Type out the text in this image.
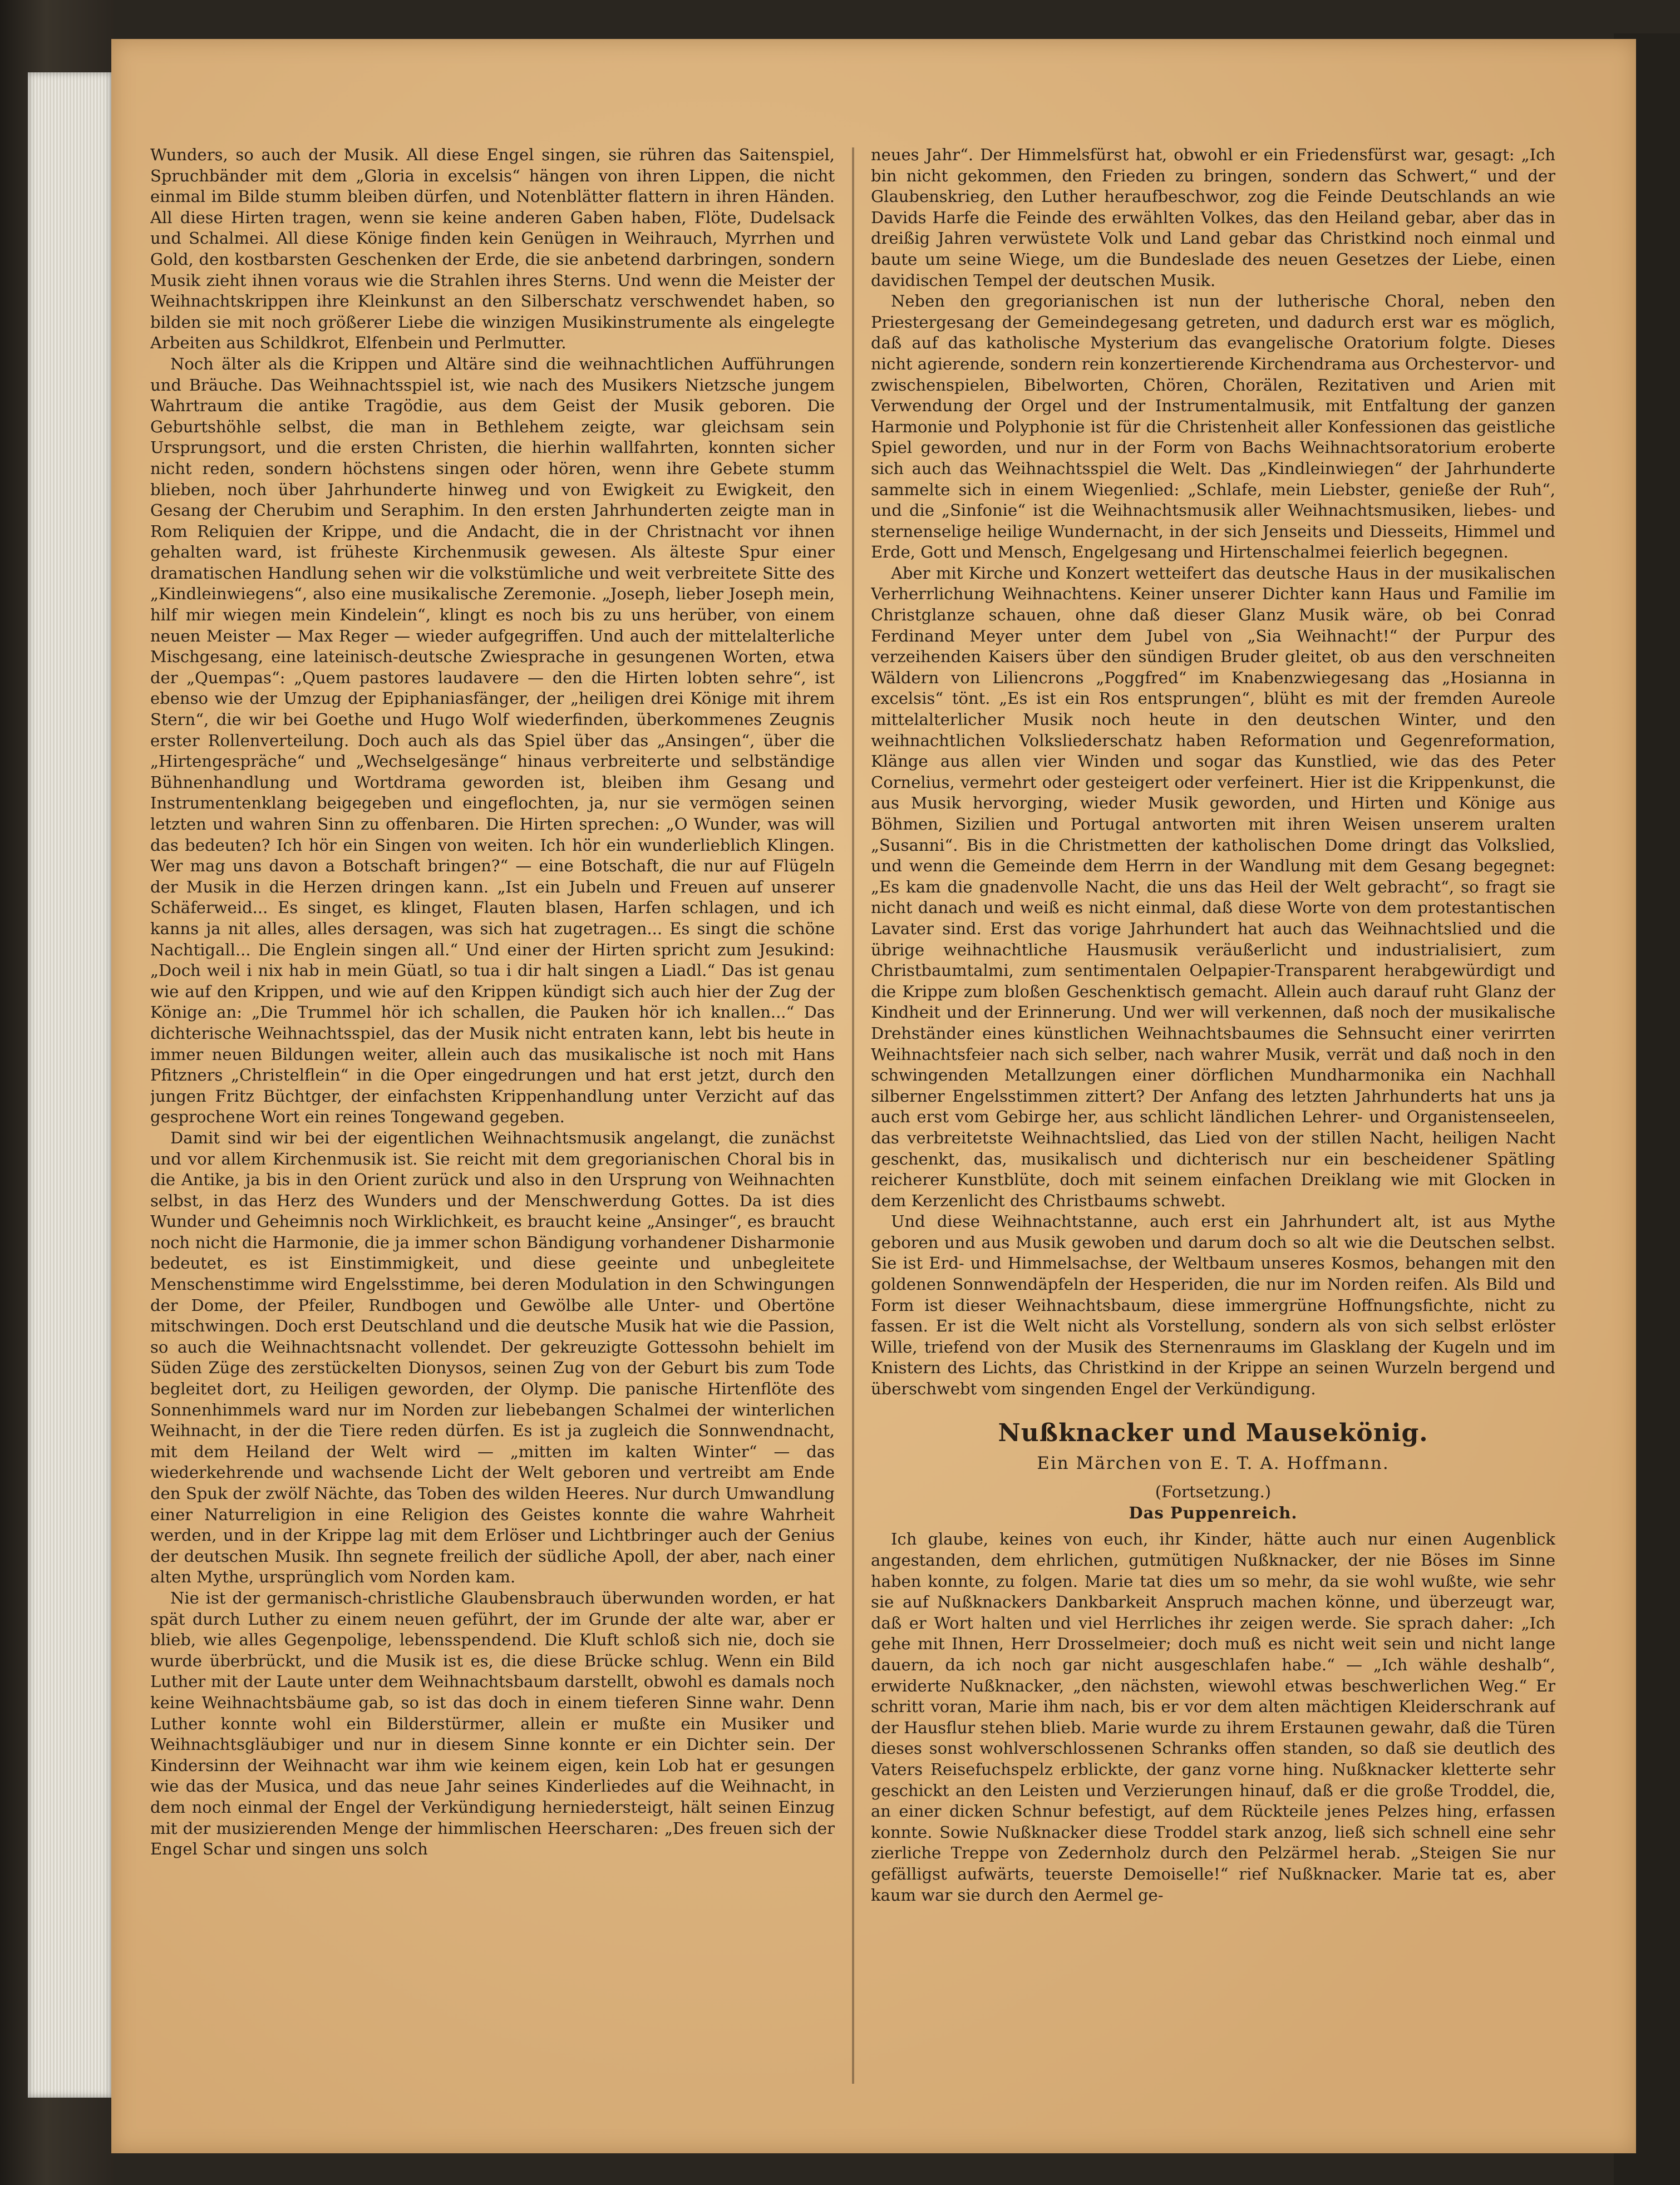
Wunders, so auch der Musik. All diese Engel singen, sie rühren das Saitenspiel, Spruchbänder mit dem „Gloria in excelsis“ hängen von ihren Lippen, die nicht einmal im Bilde stumm bleiben dürfen, und Notenblätter flattern in ihren Händen. All diese Hirten tragen, wenn sie keine anderen Gaben haben, Flöte, Dudelsack und Schalmei. All diese Könige finden kein Genügen in Weihrauch, Myrrhen und Gold, den kostbarsten Geschenken der Erde, die sie anbetend darbringen, sondern Musik zieht ihnen voraus wie die Strahlen ihres Sterns. Und wenn die Meister der Weihnachtskrippen ihre Kleinkunst an den Silberschatz verschwendet haben, so bilden sie mit noch größerer Liebe die winzigen Musikinstrumente als eingelegte Arbeiten aus Schildkrot, Elfenbein und Perlmutter.

Noch älter als die Krippen und Altäre sind die weihnachtlichen Aufführungen und Bräuche. Das Weihnachtsspiel ist, wie nach des Musikers Nietzsche jungem Wahrtraum die antike Tragödie, aus dem Geist der Musik geboren. Die Geburtshöhle selbst, die man in Bethlehem zeigte, war gleichsam sein Ursprungsort, und die ersten Christen, die hierhin wallfahrten, konnten sicher nicht reden, sondern höchstens singen oder hören, wenn ihre Gebete stumm blieben, noch über Jahrhunderte hinweg und von Ewigkeit zu Ewigkeit, den Gesang der Cherubim und Seraphim. In den ersten Jahrhunderten zeigte man in Rom Reliquien der Krippe, und die Andacht, die in der Christnacht vor ihnen gehalten ward, ist früheste Kirchenmusik gewesen. Als älteste Spur einer dramatischen Handlung sehen wir die volkstümliche und weit verbreitete Sitte des „Kindleinwiegens“, also eine musikalische Zeremonie. „Joseph, lieber Joseph mein, hilf mir wiegen mein Kindelein“, klingt es noch bis zu uns herüber, von einem neuen Meister — Max Reger — wieder aufgegriffen. Und auch der mittelalterliche Mischgesang, eine lateinisch-deutsche Zwiesprache in gesungenen Worten, etwa der „Quempas“: „Quem pastores laudavere — den die Hirten lobten sehre“, ist ebenso wie der Umzug der Epiphaniasfänger, der „heiligen drei Könige mit ihrem Stern“, die wir bei Goethe und Hugo Wolf wiederfinden, überkommenes Zeugnis erster Rollenverteilung. Doch auch als das Spiel über das „Ansingen“, über die „Hirtengespräche“ und „Wechselgesänge“ hinaus verbreiterte und selbständige Bühnenhandlung und Wortdrama geworden ist, bleiben ihm Gesang und Instrumentenklang beigegeben und eingeflochten, ja, nur sie vermögen seinen letzten und wahren Sinn zu offenbaren. Die Hirten sprechen: „O Wunder, was will das bedeuten? Ich hör ein Singen von weiten. Ich hör ein wunderlieblich Klingen. Wer mag uns davon a Botschaft bringen?“ — eine Botschaft, die nur auf Flügeln der Musik in die Herzen dringen kann. „Ist ein Jubeln und Freuen auf unserer Schäferweid... Es singet, es klinget, Flauten blasen, Harfen schlagen, und ich kanns ja nit alles, alles dersagen, was sich hat zugetragen... Es singt die schöne Nachtigall... Die Englein singen all.“ Und einer der Hirten spricht zum Jesukind: „Doch weil i nix hab in mein Güatl, so tua i dir halt singen a Liadl.“ Das ist genau wie auf den Krippen, und wie auf den Krippen kündigt sich auch hier der Zug der Könige an: „Die Trummel hör ich schallen, die Pauken hör ich knallen...“ Das dichterische Weihnachtsspiel, das der Musik nicht entraten kann, lebt bis heute in immer neuen Bildungen weiter, allein auch das musikalische ist noch mit Hans Pfitzners „Christelflein“ in die Oper eingedrungen und hat erst jetzt, durch den jungen Fritz Büchtger, der einfachsten Krippenhandlung unter Verzicht auf das gesprochene Wort ein reines Tongewand gegeben.

Damit sind wir bei der eigentlichen Weihnachtsmusik angelangt, die zunächst und vor allem Kirchenmusik ist. Sie reicht mit dem gregorianischen Choral bis in die Antike, ja bis in den Orient zurück und also in den Ursprung von Weihnachten selbst, in das Herz des Wunders und der Menschwerdung Gottes. Da ist dies Wunder und Geheimnis noch Wirklichkeit, es braucht keine „Ansinger“, es braucht noch nicht die Harmonie, die ja immer schon Bändigung vorhandener Disharmonie bedeutet, es ist Einstimmigkeit, und diese geeinte und unbegleitete Menschenstimme wird Engelsstimme, bei deren Modulation in den Schwingungen der Dome, der Pfeiler, Rundbogen und Gewölbe alle Unter- und Obertöne mitschwingen. Doch erst Deutschland und die deutsche Musik hat wie die Passion, so auch die Weihnachtsnacht vollendet. Der gekreuzigte Gottessohn behielt im Süden Züge des zerstückelten Dionysos, seinen Zug von der Geburt bis zum Tode begleitet dort, zu Heiligen geworden, der Olymp. Die panische Hirtenflöte des Sonnenhimmels ward nur im Norden zur liebebangen Schalmei der winterlichen Weihnacht, in der die Tiere reden dürfen. Es ist ja zugleich die Sonnwendnacht, mit dem Heiland der Welt wird — „mitten im kalten Winter“ — das wiederkehrende und wachsende Licht der Welt geboren und vertreibt am Ende den Spuk der zwölf Nächte, das Toben des wilden Heeres. Nur durch Umwandlung einer Naturreligion in eine Religion des Geistes konnte die wahre Wahrheit werden, und in der Krippe lag mit dem Erlöser und Lichtbringer auch der Genius der deutschen Musik. Ihn segnete freilich der südliche Apoll, der aber, nach einer alten Mythe, ursprünglich vom Norden kam.

Nie ist der germanisch-christliche Glaubensbrauch überwunden worden, er hat spät durch Luther zu einem neuen geführt, der im Grunde der alte war, aber er blieb, wie alles Gegenpolige, lebensspendend. Die Kluft schloß sich nie, doch sie wurde überbrückt, und die Musik ist es, die diese Brücke schlug. Wenn ein Bild Luther mit der Laute unter dem Weihnachtsbaum darstellt, obwohl es damals noch keine Weihnachtsbäume gab, so ist das doch in einem tieferen Sinne wahr. Denn Luther konnte wohl ein Bilderstürmer, allein er mußte ein Musiker und Weihnachtsgläubiger und nur in diesem Sinne konnte er ein Dichter sein. Der Kindersinn der Weihnacht war ihm wie keinem eigen, kein Lob hat er gesungen wie das der Musica, und das neue Jahr seines Kinderliedes auf die Weihnacht, in dem noch einmal der Engel der Verkündigung herniedersteigt, hält seinen Einzug mit der musizierenden Menge der himmlischen Heerscharen: „Des freuen sich der Engel Schar und singen uns solch

neues Jahr“. Der Himmelsfürst hat, obwohl er ein Friedensfürst war, gesagt: „Ich bin nicht gekommen, den Frieden zu bringen, sondern das Schwert,“ und der Glaubenskrieg, den Luther heraufbeschwor, zog die Feinde Deutschlands an wie Davids Harfe die Feinde des erwählten Volkes, das den Heiland gebar, aber das in dreißig Jahren verwüstete Volk und Land gebar das Christkind noch einmal und baute um seine Wiege, um die Bundeslade des neuen Gesetzes der Liebe, einen davidischen Tempel der deutschen Musik.

Neben den gregorianischen ist nun der lutherische Choral, neben den Priestergesang der Gemeindegesang getreten, und dadurch erst war es möglich, daß auf das katholische Mysterium das evangelische Oratorium folgte. Dieses nicht agierende, sondern rein konzertierende Kirchendrama aus Orchestervor- und zwischenspielen, Bibelworten, Chören, Chorälen, Rezitativen und Arien mit Verwendung der Orgel und der Instrumentalmusik, mit Entfaltung der ganzen Harmonie und Polyphonie ist für die Christenheit aller Konfessionen das geistliche Spiel geworden, und nur in der Form von Bachs Weihnachtsoratorium eroberte sich auch das Weihnachtsspiel die Welt. Das „Kindleinwiegen“ der Jahrhunderte sammelte sich in einem Wiegenlied: „Schlafe, mein Liebster, genieße der Ruh“, und die „Sinfonie“ ist die Weihnachtsmusik aller Weihnachtsmusiken, liebes- und sternenselige heilige Wundernacht, in der sich Jenseits und Diesseits, Himmel und Erde, Gott und Mensch, Engelgesang und Hirtenschalmei feierlich begegnen.

Aber mit Kirche und Konzert wetteifert das deutsche Haus in der musikalischen Verherrlichung Weihnachtens. Keiner unserer Dichter kann Haus und Familie im Christglanze schauen, ohne daß dieser Glanz Musik wäre, ob bei Conrad Ferdinand Meyer unter dem Jubel von „Sia Weihnacht!“ der Purpur des verzeihenden Kaisers über den sündigen Bruder gleitet, ob aus den verschneiten Wäldern von Liliencrons „Poggfred“ im Knabenzwiegesang das „Hosianna in excelsis“ tönt. „Es ist ein Ros entsprungen“, blüht es mit der fremden Aureole mittelalterlicher Musik noch heute in den deutschen Winter, und den weihnachtlichen Volksliederschatz haben Reformation und Gegenreformation, Klänge aus allen vier Winden und sogar das Kunstlied, wie das des Peter Cornelius, vermehrt oder gesteigert oder verfeinert. Hier ist die Krippenkunst, die aus Musik hervorging, wieder Musik geworden, und Hirten und Könige aus Böhmen, Sizilien und Portugal antworten mit ihren Weisen unserem uralten „Susanni“. Bis in die Christmetten der katholischen Dome dringt das Volkslied, und wenn die Gemeinde dem Herrn in der Wandlung mit dem Gesang begegnet: „Es kam die gnadenvolle Nacht, die uns das Heil der Welt gebracht“, so fragt sie nicht danach und weiß es nicht einmal, daß diese Worte von dem protestantischen Lavater sind. Erst das vorige Jahrhundert hat auch das Weihnachtslied und die übrige weihnachtliche Hausmusik veräußerlicht und industrialisiert, zum Christbaumtalmi, zum sentimentalen Oelpapier-Transparent herabgewürdigt und die Krippe zum bloßen Geschenktisch gemacht. Allein auch darauf ruht Glanz der Kindheit und der Erinnerung. Und wer will verkennen, daß noch der musikalische Drehständer eines künstlichen Weihnachtsbaumes die Sehnsucht einer verirrten Weihnachtsfeier nach sich selber, nach wahrer Musik, verrät und daß noch in den schwingenden Metallzungen einer dörflichen Mundharmonika ein Nachhall silberner Engelsstimmen zittert? Der Anfang des letzten Jahrhunderts hat uns ja auch erst vom Gebirge her, aus schlicht ländlichen Lehrer- und Organistenseelen, das verbreitetste Weihnachtslied, das Lied von der stillen Nacht, heiligen Nacht geschenkt, das, musikalisch und dichterisch nur ein bescheidener Spätling reicherer Kunstblüte, doch mit seinem einfachen Dreiklang wie mit Glocken in dem Kerzenlicht des Christbaums schwebt.

Und diese Weihnachtstanne, auch erst ein Jahrhundert alt, ist aus Mythe geboren und aus Musik gewoben und darum doch so alt wie die Deutschen selbst. Sie ist Erd- und Himmelsachse, der Weltbaum unseres Kosmos, behangen mit den goldenen Sonnwendäpfeln der Hesperiden, die nur im Norden reifen. Als Bild und Form ist dieser Weihnachtsbaum, diese immergrüne Hoffnungsfichte, nicht zu fassen. Er ist die Welt nicht als Vorstellung, sondern als von sich selbst erlöster Wille, triefend von der Musik des Sternenraums im Glasklang der Kugeln und im Knistern des Lichts, das Christkind in der Krippe an seinen Wurzeln bergend und überschwebt vom singenden Engel der Verkündigung.

Nußknacker und Mausekönig.
Ein Märchen von E. T. A. Hoffmann.
(Fortsetzung.)
Das Puppenreich.

Ich glaube, keines von euch, ihr Kinder, hätte auch nur einen Augenblick angestanden, dem ehrlichen, gutmütigen Nußknacker, der nie Böses im Sinne haben konnte, zu folgen. Marie tat dies um so mehr, da sie wohl wußte, wie sehr sie auf Nußknackers Dankbarkeit Anspruch machen könne, und überzeugt war, daß er Wort halten und viel Herrliches ihr zeigen werde. Sie sprach daher: „Ich gehe mit Ihnen, Herr Drosselmeier; doch muß es nicht weit sein und nicht lange dauern, da ich noch gar nicht ausgeschlafen habe.“ — „Ich wähle deshalb“, erwiderte Nußknacker, „den nächsten, wiewohl etwas beschwerlichen Weg.“ Er schritt voran, Marie ihm nach, bis er vor dem alten mächtigen Kleiderschrank auf der Hausflur stehen blieb. Marie wurde zu ihrem Erstaunen gewahr, daß die Türen dieses sonst wohlverschlossenen Schranks offen standen, so daß sie deutlich des Vaters Reisefuchspelz erblickte, der ganz vorne hing. Nußknacker kletterte sehr geschickt an den Leisten und Verzierungen hinauf, daß er die große Troddel, die, an einer dicken Schnur befestigt, auf dem Rückteile jenes Pelzes hing, erfassen konnte. Sowie Nußknacker diese Troddel stark anzog, ließ sich schnell eine sehr zierliche Treppe von Zedernholz durch den Pelzärmel herab. „Steigen Sie nur gefälligst aufwärts, teuerste Demoiselle!“ rief Nußknacker. Marie tat es, aber kaum war sie durch den Aermel ge-
